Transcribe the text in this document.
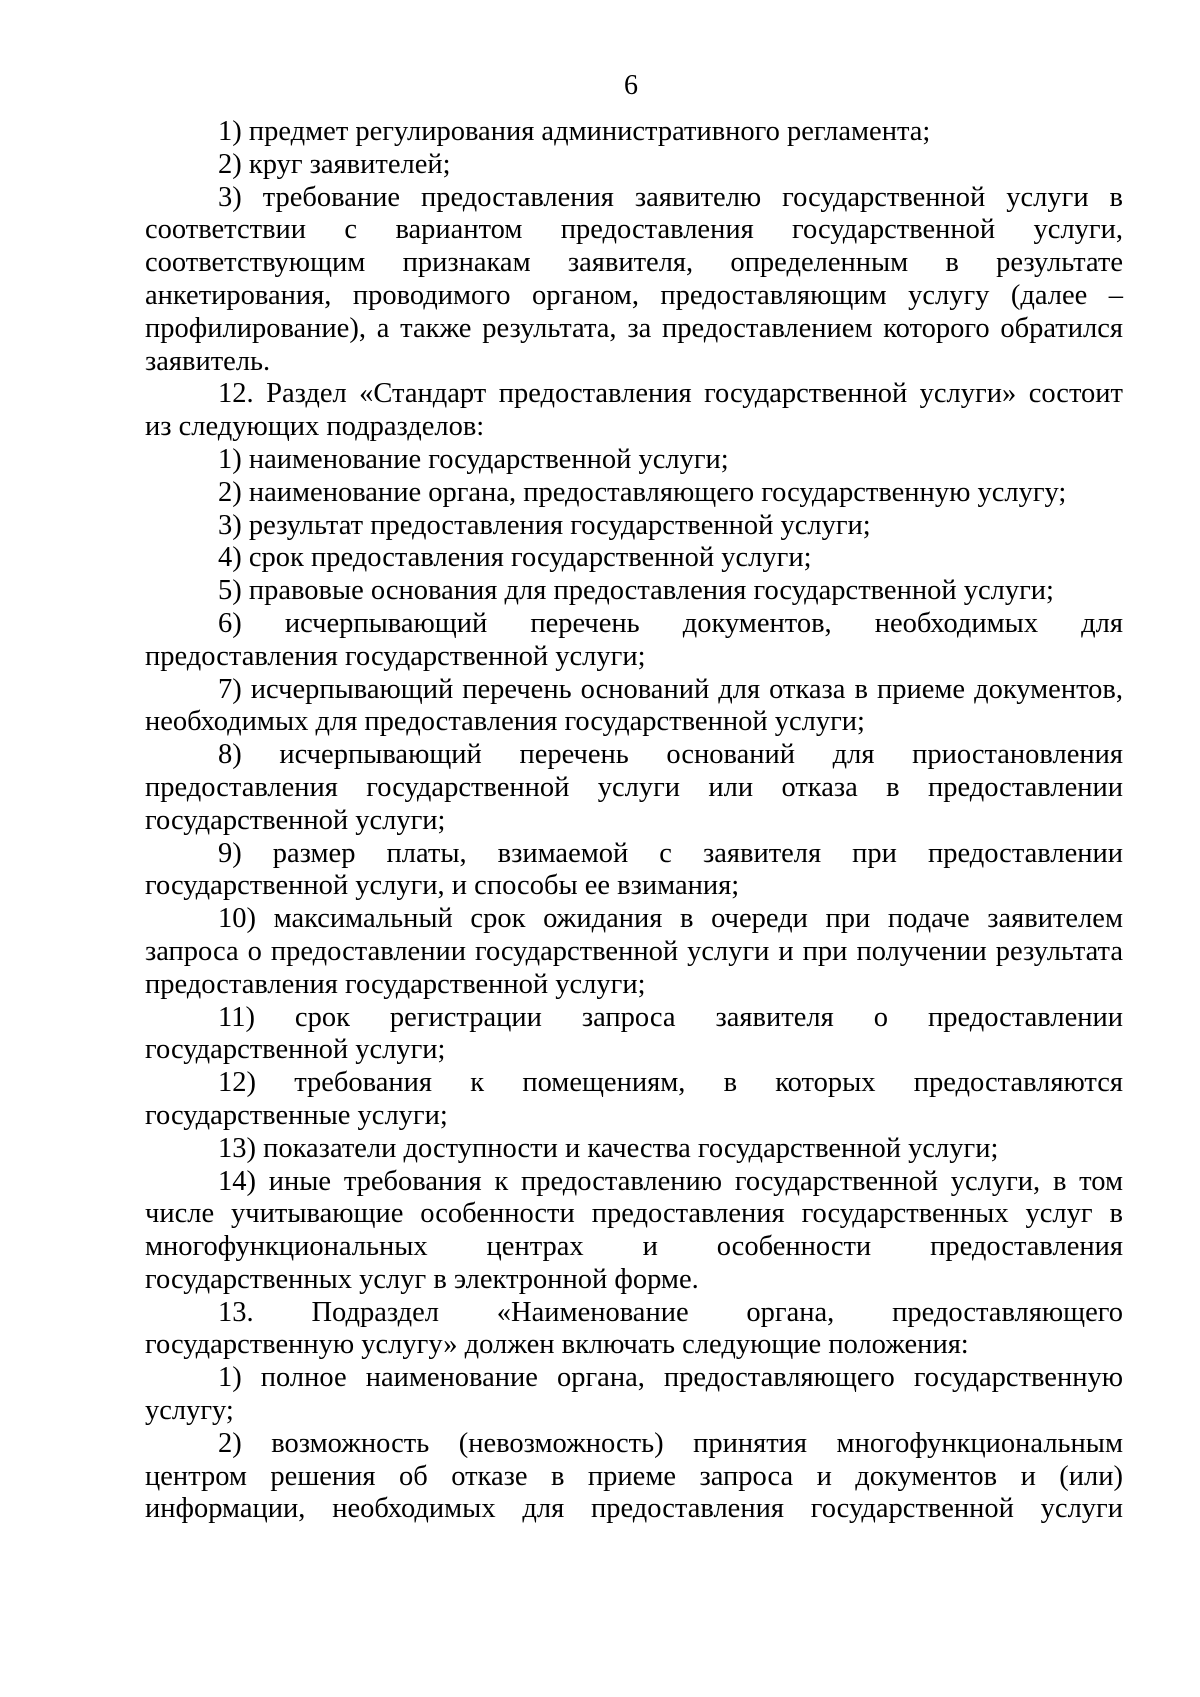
6

1) предмет регулирования административного регламента;

2) круг заявителей;

3) требование предоставления заявителю государственной услуги в соответствии с вариантом предоставления государственной услуги, соответствующим признакам заявителя, определенным в результате анкетирования, проводимого органом, предоставляющим услугу (далее – профилирование), а также результата, за предоставлением которого обратился заявитель.

12. Раздел «Стандарт предоставления государственной услуги» состоит из следующих подразделов:

1) наименование государственной услуги;

2) наименование органа, предоставляющего государственную услугу;

3) результат предоставления государственной услуги;

4) срок предоставления государственной услуги;

5) правовые основания для предоставления государственной услуги;

6) исчерпывающий перечень документов, необходимых для предоставления государственной услуги;

7) исчерпывающий перечень оснований для отказа в приеме документов, необходимых для предоставления государственной услуги;

8) исчерпывающий перечень оснований для приостановления предоставления государственной услуги или отказа в предоставлении государственной услуги;

9) размер платы, взимаемой с заявителя при предоставлении государственной услуги, и способы ее взимания;

10) максимальный срок ожидания в очереди при подаче заявителем запроса о предоставлении государственной услуги и при получении результата предоставления государственной услуги;

11) срок регистрации запроса заявителя о предоставлении государственной услуги;

12) требования к помещениям, в которых предоставляются государственные услуги;

13) показатели доступности и качества государственной услуги;

14) иные требования к предоставлению государственной услуги, в том числе учитывающие особенности предоставления государственных услуг в многофункциональных центрах и особенности предоставления государственных услуг в электронной форме.

13. Подраздел «Наименование органа, предоставляющего государственную услугу» должен включать следующие положения:

1) полное наименование органа, предоставляющего государственную услугу;

2) возможность (невозможность) принятия многофункциональным центром решения об отказе в приеме запроса и документов и (или) информации, необходимых для предоставления государственной услуги
